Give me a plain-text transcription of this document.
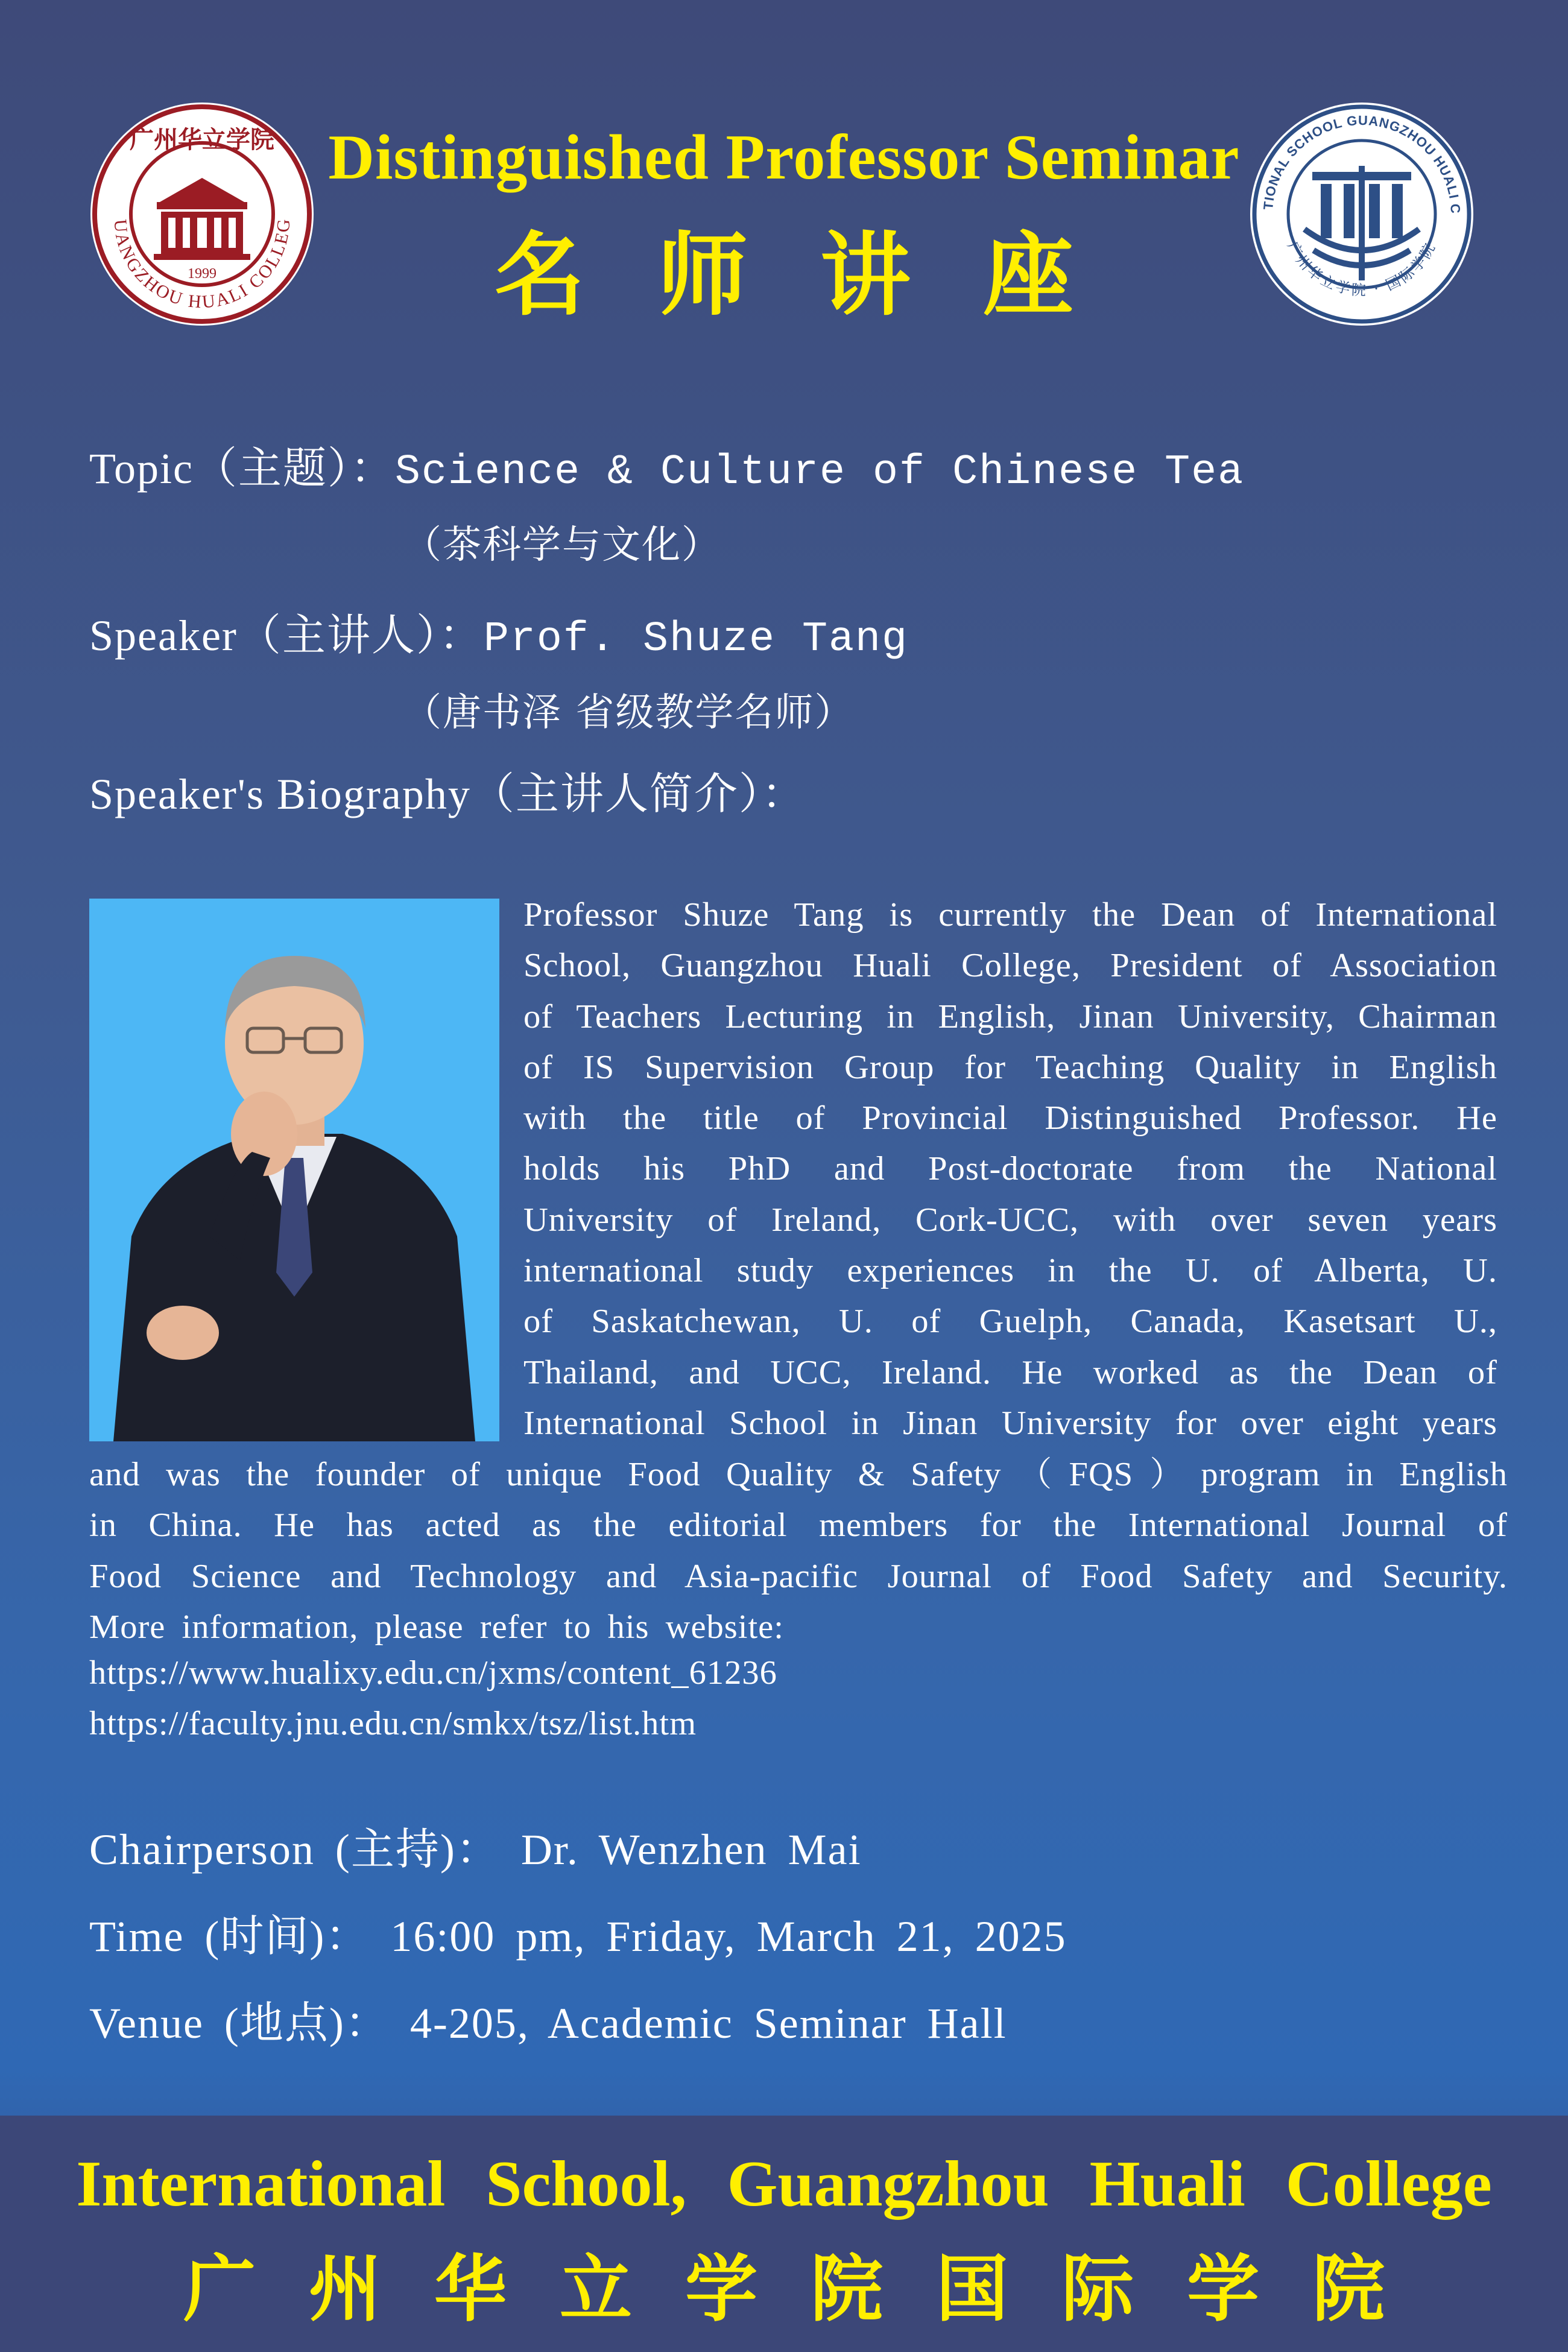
UANGZHOU HUALI COLLEG
广州华立学院
1999
Distinguished Professor Seminar
名师讲座
TIONAL SCHOOL GUANGZHOU HUALI C
广州华立学院 · 国际学院
Topic（主题）：Science & Culture of Chinese Tea
（茶科学与文化）
Speaker（主讲人）：Prof. Shuze Tang
（唐书泽 省级教学名师）
Speaker's Biography（主讲人简介）：
Professor Shuze Tang is currently the Dean of International
School, Guangzhou Huali College, President of Association
of Teachers Lecturing in English, Jinan University, Chairman
of IS Supervision Group for Teaching Quality in English
with the title of Provincial Distinguished Professor. He
holds his PhD and Post-doctorate from the National
University of Ireland, Cork-UCC, with over seven years
international study experiences in the U. of Alberta, U.
of Saskatchewan, U. of Guelph, Canada, Kasetsart U.,
Thailand, and UCC, Ireland. He worked as the Dean of
International School in Jinan University for over eight years
and was the founder of unique Food Quality & Safety（FQS）program in English
in China. He has acted as the editorial members for the International Journal of
Food Science and Technology and Asia-pacific Journal of Food Safety and Security.
More information, please refer to his website:
https://www.hualixy.edu.cn/jxms/content_61236
https://faculty.jnu.edu.cn/smkx/tsz/list.htm
Chairperson (主持)： Dr. Wenzhen Mai
Time (时间)： 16:00 pm, Friday, March 21, 2025
Venue (地点)： 4-205, Academic Seminar Hall
International School, Guangzhou Huali College
广州华立学院国际学院
